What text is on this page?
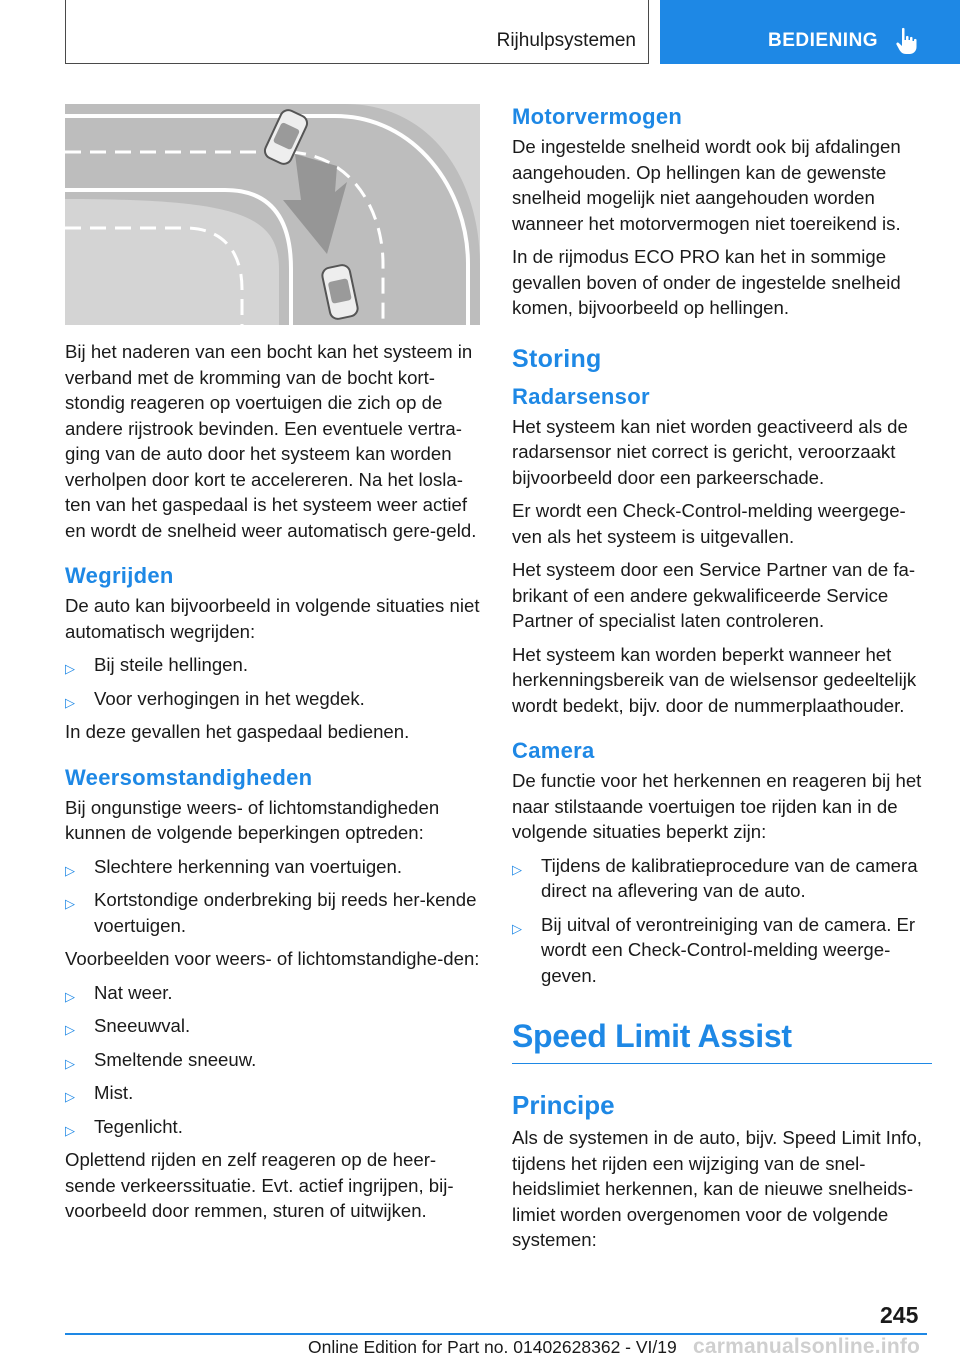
Rijhulpsystemen	BEDIENING

Bij het naderen van een bocht kan het systeem in verband met de kromming van de bocht kort-stondig reageren op voertuigen die zich op de andere rijstrook bevinden. Een eventuele vertra-ging van de auto door het systeem kan worden verholpen door kort te accelereren. Na het losla-ten van het gaspedaal is het systeem weer actief en wordt de snelheid weer automatisch gere-geld.

Wegrijden

De auto kan bijvoorbeeld in volgende situaties niet automatisch wegrijden:

▷ Bij steile hellingen.
▷ Voor verhogingen in het wegdek.

In deze gevallen het gaspedaal bedienen.

Weersomstandigheden

Bij ongunstige weers- of lichtomstandigheden kunnen de volgende beperkingen optreden:

▷ Slechtere herkenning van voertuigen.
▷ Kortstondige onderbreking bij reeds her-kende voertuigen.

Voorbeelden voor weers- of lichtomstandighe-den:

▷ Nat weer.
▷ Sneeuwval.
▷ Smeltende sneeuw.
▷ Mist.
▷ Tegenlicht.

Oplettend rijden en zelf reageren op de heer-sende verkeerssituatie. Evt. actief ingrijpen, bij-voorbeeld door remmen, sturen of uitwijken.

Motorvermogen

De ingestelde snelheid wordt ook bij afdalingen aangehouden. Op hellingen kan de gewenste snelheid mogelijk niet aangehouden worden wanneer het motorvermogen niet toereikend is.

In de rijmodus ECO PRO kan het in sommige gevallen boven of onder de ingestelde snelheid komen, bijvoorbeeld op hellingen.

Storing
Radarsensor

Het systeem kan niet worden geactiveerd als de radarsensor niet correct is gericht, veroorzaakt bijvoorbeeld door een parkeerschade.

Er wordt een Check-Control-melding weergege-ven als het systeem is uitgevallen.

Het systeem door een Service Partner van de fa-brikant of een andere gekwalificeerde Service Partner of specialist laten controleren.

Het systeem kan worden beperkt wanneer het herkenningsbereik van de wielsensor gedeeltelijk wordt bedekt, bijv. door de nummerplaathouder.

Camera

De functie voor het herkennen en reageren bij het naar stilstaande voertuigen toe rijden kan in de volgende situaties beperkt zijn:

▷ Tijdens de kalibratieprocedure van de camera direct na aflevering van de auto.
▷ Bij uitval of verontreiniging van de camera. Er wordt een Check-Control-melding weerge-geven.
Speed Limit Assist
Principe

Als de systemen in de auto, bijv. Speed Limit Info, tijdens het rijden een wijziging van de snel-heidslimiet herkennen, kan de nieuwe snelheids-limiet worden overgenomen voor de volgende systemen:

245
Online Edition for Part no. 01402628362 - VI/19 carmanualsonline.info
